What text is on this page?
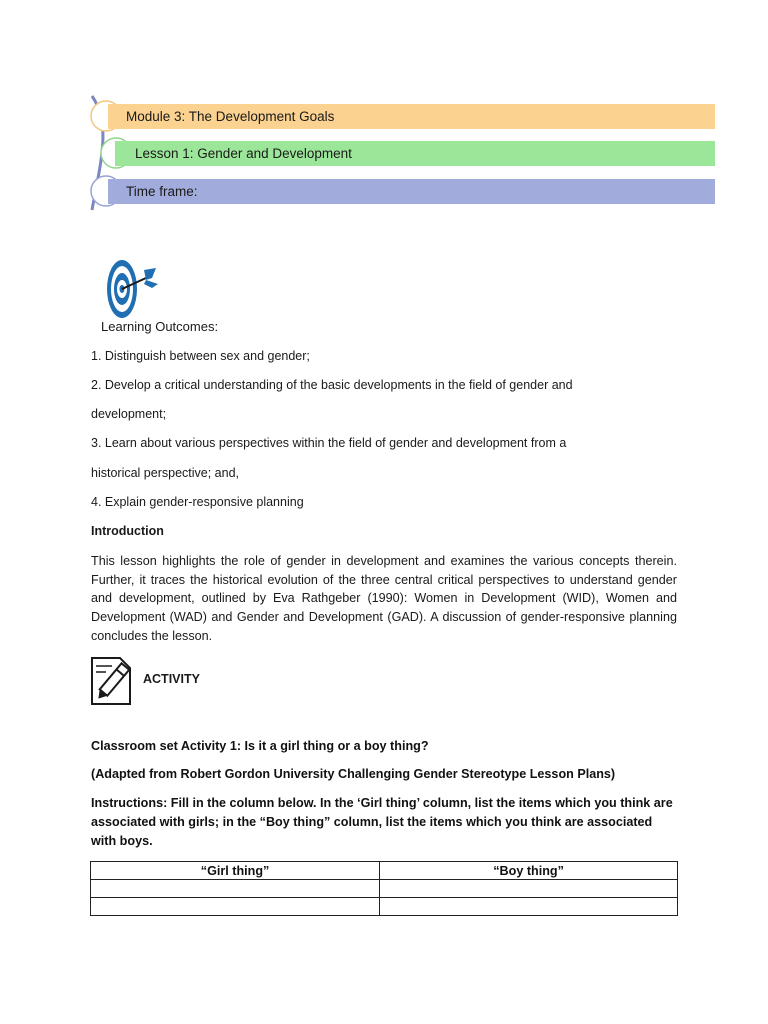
Module 3: The Development Goals
Lesson 1: Gender and Development
Time frame:
Learning Outcomes:
1. Distinguish between sex and gender;
2. Develop a critical understanding of the basic developments in the field of gender and
development;
3. Learn about various perspectives within the field of gender and development from a
historical perspective; and,
4. Explain gender-responsive planning
Introduction
This lesson highlights the role of gender in development and examines the various concepts therein. Further, it traces the historical evolution of the three central critical perspectives to understand gender and development, outlined by Eva Rathgeber (1990): Women in Development (WID), Women and Development (WAD) and Gender and Development (GAD). A discussion of gender-responsive planning concludes the lesson.
ACTIVITY
Classroom set Activity 1: Is it a girl thing or a boy thing?
(Adapted from Robert Gordon University Challenging Gender Stereotype Lesson Plans)
Instructions: Fill in the column below. In the ‘Girl thing’ column, list the items which you think are associated with girls; in the “Boy thing” column, list the items which you think are associated with boys.
“Girl thing”	“Boy thing”
